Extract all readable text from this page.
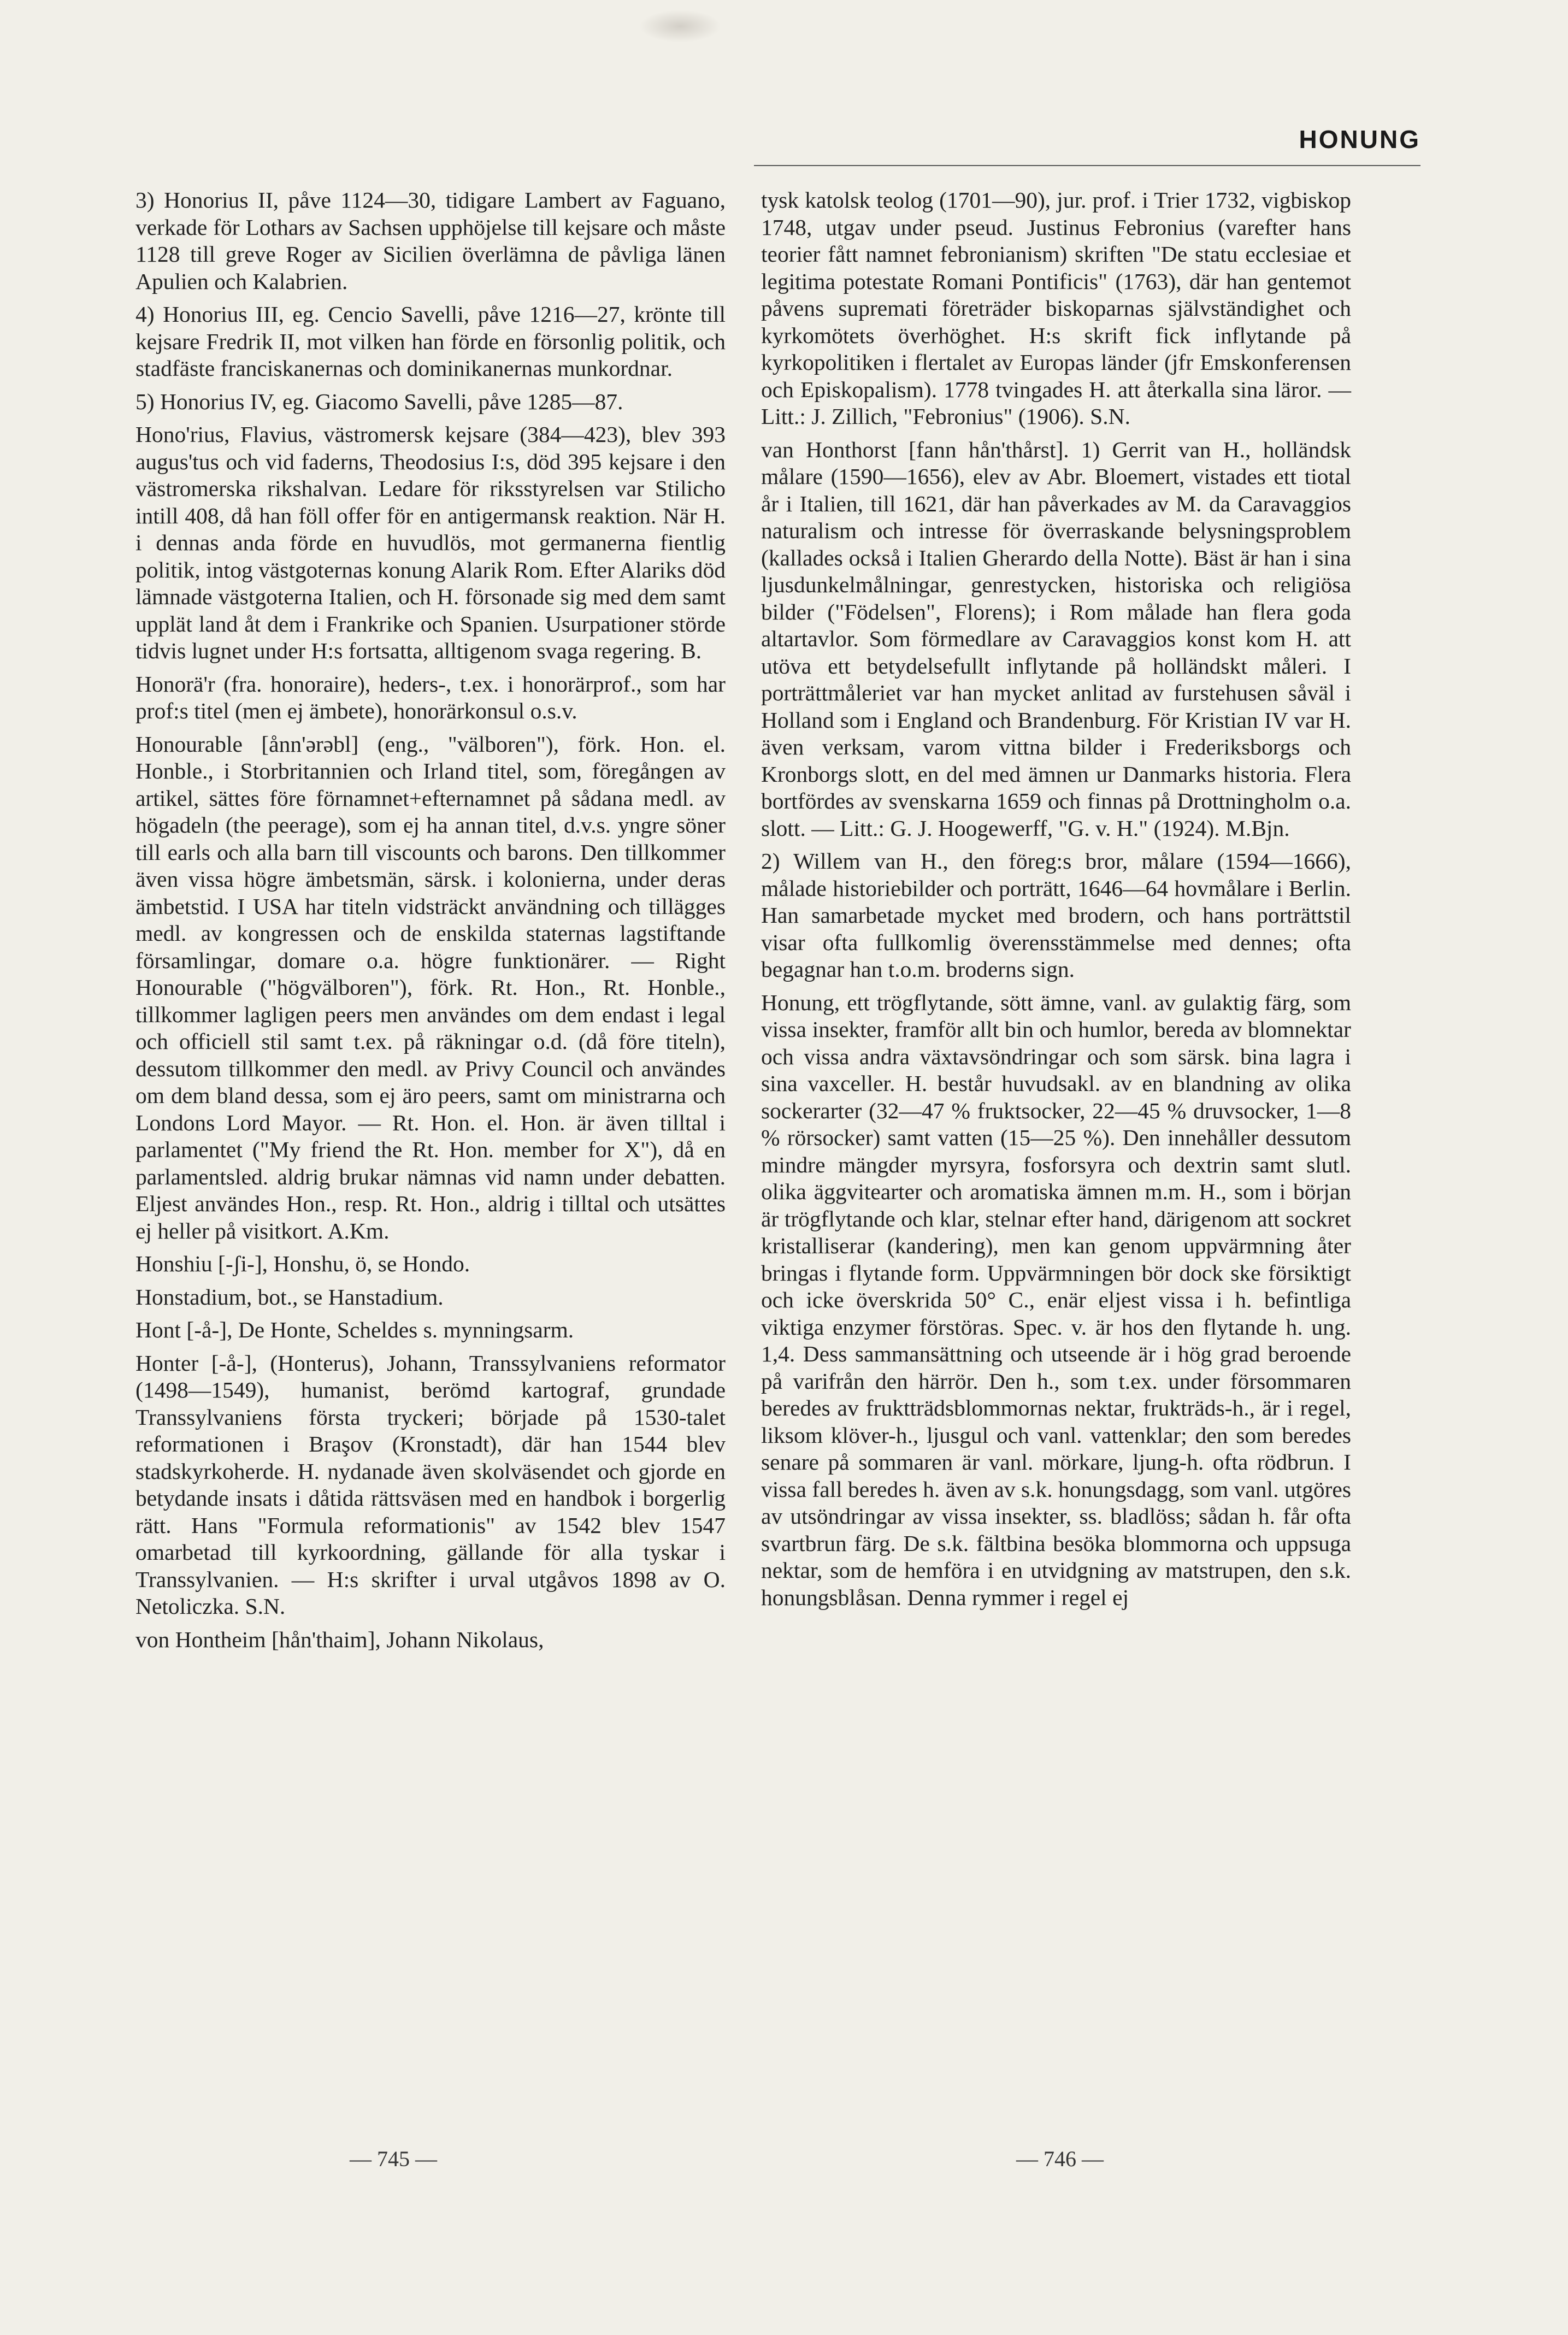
HONUNG

3) Honorius II, påve 1124—30, tidigare Lambert av Faguano, verkade för Lothars av Sachsen upphöjelse till kejsare och måste 1128 till greve Roger av Sicilien överlämna de påvliga länen Apulien och Kalabrien.

4) Honorius III, eg. Cencio Savelli, påve 1216—27, krönte till kejsare Fredrik II, mot vilken han förde en försonlig politik, och stadfäste franciskanernas och dominikanernas munkordnar.

5) Honorius IV, eg. Giacomo Savelli, påve 1285—87.

Hono'rius, Flavius, västromersk kejsare (384—423), blev 393 augus'tus och vid faderns, Theodosius I:s, död 395 kejsare i den västromerska rikshalvan. Ledare för riksstyrelsen var Stilicho intill 408, då han föll offer för en antigermansk reaktion. När H. i dennas anda förde en huvudlös, mot germanerna fientlig politik, intog västgoternas konung Alarik Rom. Efter Alariks död lämnade västgoterna Italien, och H. försonade sig med dem samt upplät land åt dem i Frankrike och Spanien. Usurpationer störde tidvis lugnet under H:s fortsatta, alltigenom svaga regering. B.

Honorä'r (fra. honoraire), heders-, t.ex. i honorärprof., som har prof:s titel (men ej ämbete), honorärkonsul o.s.v.

Honourable [ånn'ərəbl] (eng., "välboren"), förk. Hon. el. Honble., i Storbritannien och Irland titel, som, föregången av artikel, sättes före förnamnet+efternamnet på sådana medl. av högadeln (the peerage), som ej ha annan titel, d.v.s. yngre söner till earls och alla barn till viscounts och barons. Den tillkommer även vissa högre ämbetsmän, särsk. i kolonierna, under deras ämbetstid. I USA har titeln vidsträckt användning och tillägges medl. av kongressen och de enskilda staternas lagstiftande församlingar, domare o.a. högre funktionärer. — Right Honourable ("högvälboren"), förk. Rt. Hon., Rt. Honble., tillkommer lagligen peers men användes om dem endast i legal och officiell stil samt t.ex. på räkningar o.d. (då före titeln), dessutom tillkommer den medl. av Privy Council och användes om dem bland dessa, som ej äro peers, samt om ministrarna och Londons Lord Mayor. — Rt. Hon. el. Hon. är även tilltal i parlamentet ("My friend the Rt. Hon. member for X"), då en parlamentsled. aldrig brukar nämnas vid namn under debatten. Eljest användes Hon., resp. Rt. Hon., aldrig i tilltal och utsättes ej heller på visitkort. A.Km.

Honshiu [-ʃi-], Honshu, ö, se Hondo.

Honstadium, bot., se Hanstadium.

Hont [-å-], De Honte, Scheldes s. mynningsarm.

Honter [-å-], (Honterus), Johann, Transsylvaniens reformator (1498—1549), humanist, berömd kartograf, grundade Transsylvaniens första tryckeri; började på 1530-talet reformationen i Braşov (Kronstadt), där han 1544 blev stadskyrkoherde. H. nydanade även skolväsendet och gjorde en betydande insats i dåtida rättsväsen med en handbok i borgerlig rätt. Hans "Formula reformationis" av 1542 blev 1547 omarbetad till kyrkoordning, gällande för alla tyskar i Transsylvanien. — H:s skrifter i urval utgåvos 1898 av O. Netoliczka. S.N.

von Hontheim [hån'thaim], Johann Nikolaus,

tysk katolsk teolog (1701—90), jur. prof. i Trier 1732, vigbiskop 1748, utgav under pseud. Justinus Febronius (varefter hans teorier fått namnet febronianism) skriften "De statu ecclesiae et legitima potestate Romani Pontificis" (1763), där han gentemot påvens suprematі företräder biskoparnas självständighet och kyrkomötets överhöghet. H:s skrift fick inflytande på kyrkopolitiken i flertalet av Europas länder (jfr Emskonferensen och Episkopalism). 1778 tvingades H. att återkalla sina läror. — Litt.: J. Zillich, "Febronius" (1906). S.N.

van Honthorst [fann hån'thårst]. 1) Gerrit van H., holländsk målare (1590—1656), elev av Abr. Bloemert, vistades ett tiotal år i Italien, till 1621, där han påverkades av M. da Caravaggios naturalism och intresse för överraskande belysningsproblem (kallades också i Italien Gherardo della Notte). Bäst är han i sina ljusdunkelmålningar, genrestycken, historiska och religiösa bilder ("Födelsen", Florens); i Rom målade han flera goda altartavlor. Som förmedlare av Caravaggios konst kom H. att utöva ett betydelsefullt inflytande på holländskt måleri. I porträttmåleriet var han mycket anlitad av furstehusen såväl i Holland som i England och Brandenburg. För Kristian IV var H. även verksam, varom vittna bilder i Frederiksborgs och Kronborgs slott, en del med ämnen ur Danmarks historia. Flera bortfördes av svenskarna 1659 och finnas på Drottningholm o.a. slott. — Litt.: G. J. Hoogewerff, "G. v. H." (1924). M.Bjn.

2) Willem van H., den föreg:s bror, målare (1594—1666), målade historiebilder och porträtt, 1646—64 hovmålare i Berlin. Han samarbetade mycket med brodern, och hans porträttstil visar ofta fullkomlig överensstämmelse med dennes; ofta begagnar han t.o.m. broderns sign.

Honung, ett trögflytande, sött ämne, vanl. av gulaktig färg, som vissa insekter, framför allt bin och humlor, bereda av blomnektar och vissa andra växtavsöndringar och som särsk. bina lagra i sina vaxceller. H. består huvudsakl. av en blandning av olika sockerarter (32—47 % fruktsocker, 22—45 % druvsocker, 1—8 % rörsocker) samt vatten (15—25 %). Den innehåller dessutom mindre mängder myrsyra, fosforsyra och dextrin samt slutl. olika äggvitearter och aromatiska ämnen m.m. H., som i början är trögflytande och klar, stelnar efter hand, därigenom att sockret kristalliserar (kandering), men kan genom uppvärmning åter bringas i flytande form. Uppvärmningen bör dock ske försiktigt och icke överskrida 50° C., enär eljest vissa i h. befintliga viktiga enzymer förstöras. Spec. v. är hos den flytande h. ung. 1,4. Dess sammansättning och utseende är i hög grad beroende på varifrån den härrör. Den h., som t.ex. under försommaren beredes av fruktträdsblommornas nektar, frukträds-h., är i regel, liksom klöver-h., ljusgul och vanl. vattenklar; den som beredes senare på sommaren är vanl. mörkare, ljung-h. ofta rödbrun. I vissa fall beredes h. även av s.k. honungsdagg, som vanl. utgöres av utsöndringar av vissa insekter, ss. bladlöss; sådan h. får ofta svartbrun färg. De s.k. fältbina besöka blommorna och uppsuga nektar, som de hemföra i en utvidgning av matstrupen, den s.k. honungsblåsan. Denna rymmer i regel ej

— 745 —	— 746 —
